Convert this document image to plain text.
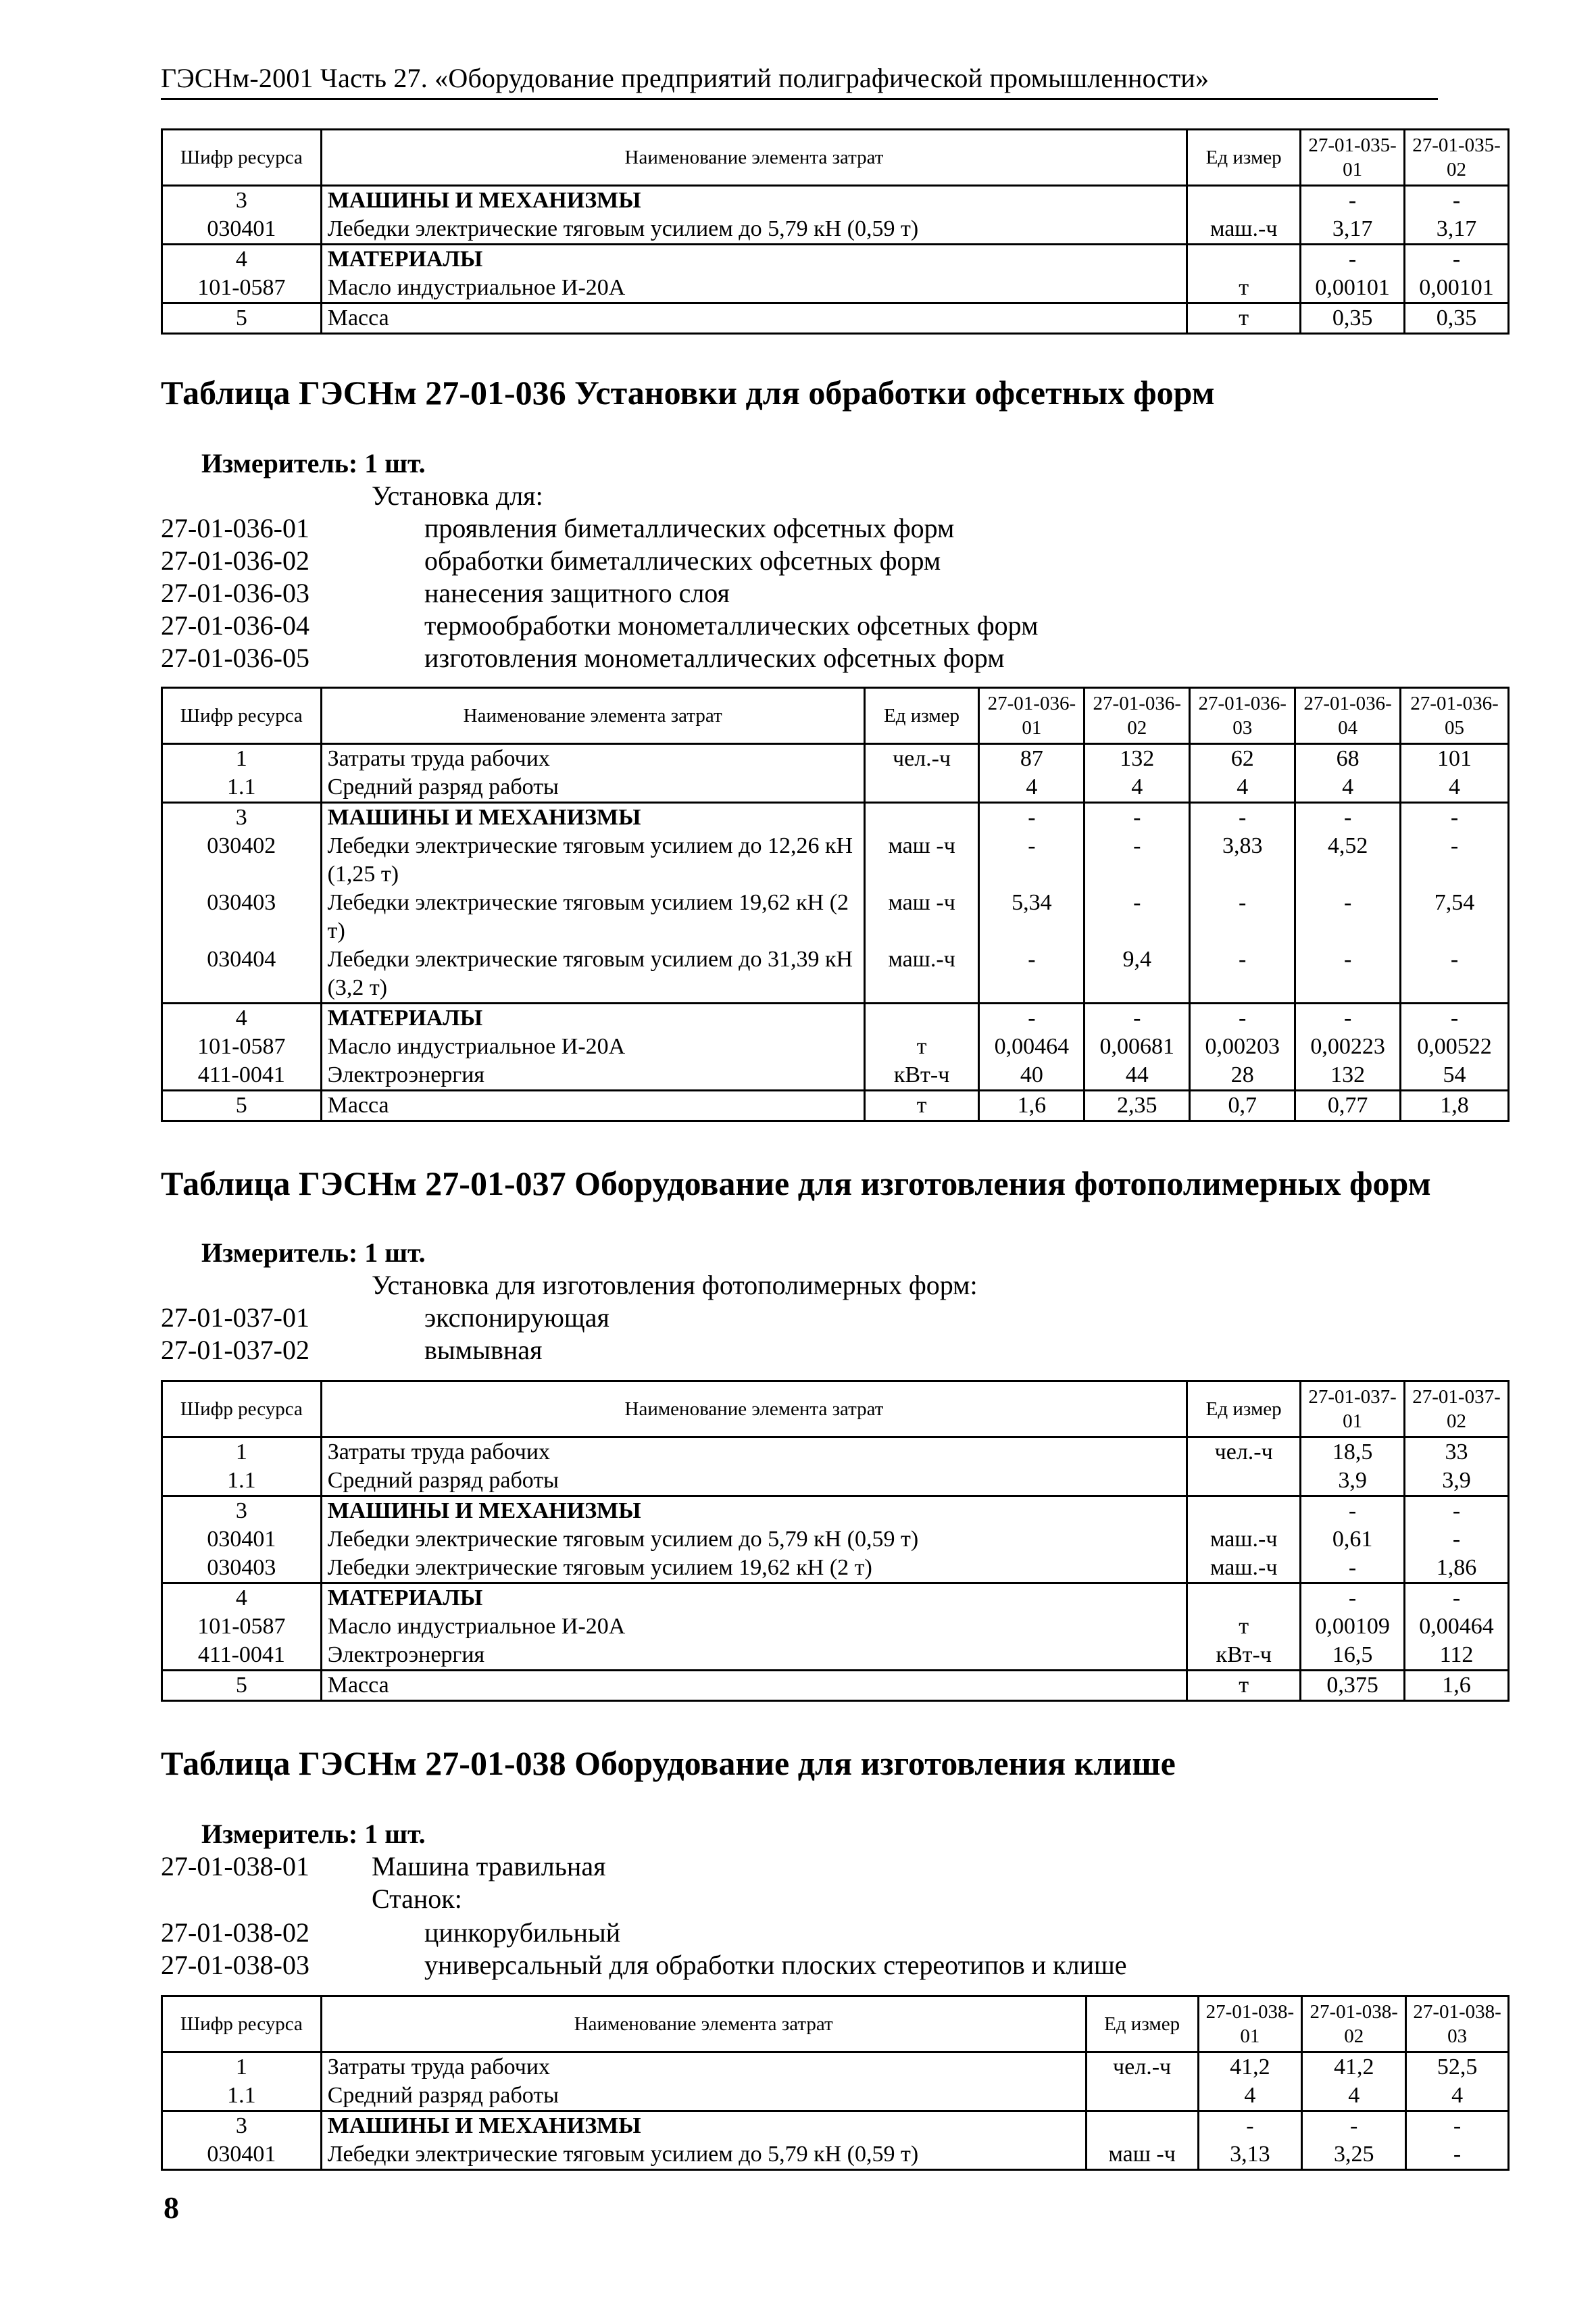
ГЭСНм-2001 Часть 27. «Оборудование предприятий полиграфической промышленности»
Шифр ресурса	Наименование элемента затрат	Ед измер	27-01-035-01	27-01-035-02
3	МАШИНЫ И МЕХАНИЗМЫ		-	-
030401	Лебедки электрические тяговым усилием до 5,79 кН (0,59 т)	маш.-ч	3,17	3,17
4	МАТЕРИАЛЫ		-	-
101-0587	Масло индустриальное И-20А	т	0,00101	0,00101
5	Масса	т	0,35	0,35
Таблица ГЭСНм 27-01-036 Установки для обработки офсетных форм
Измеритель: 1 шт.
Установка для:
27-01-036-01	проявления биметаллических офсетных форм
27-01-036-02	обработки биметаллических офсетных форм
27-01-036-03	нанесения защитного слоя
27-01-036-04	термообработки монометаллических офсетных форм
27-01-036-05	изготовления монометаллических офсетных форм
Шифр ресурса	Наименование элемента затрат	Ед измер	27-01-036-01	27-01-036-02	27-01-036-03	27-01-036-04	27-01-036-05
1	Затраты труда рабочих	чел.-ч	87	132	62	68	101
1.1	Средний разряд работы		4	4	4	4	4
3	МАШИНЫ И МЕХАНИЗМЫ		-	-	-	-	-
030402	Лебедки электрические тяговым усилием до 12,26 кН (1,25 т)	маш -ч	-	-	3,83	4,52	-
030403	Лебедки электрические тяговым усилием 19,62 кН (2 т)	маш -ч	5,34	-	-	-	7,54
030404	Лебедки электрические тяговым усилием до 31,39 кН (3,2 т)	маш.-ч	-	9,4	-	-	-
4	МАТЕРИАЛЫ		-	-	-	-	-
101-0587	Масло индустриальное И-20А	т	0,00464	0,00681	0,00203	0,00223	0,00522
411-0041	Электроэнергия	кВт-ч	40	44	28	132	54
5	Масса	т	1,6	2,35	0,7	0,77	1,8
Таблица ГЭСНм 27-01-037 Оборудование для изготовления фотополимерных форм
Измеритель: 1 шт.
Установка для изготовления фотополимерных форм:
27-01-037-01	экспонирующая
27-01-037-02	вымывная
Шифр ресурса	Наименование элемента затрат	Ед измер	27-01-037-01	27-01-037-02
1	Затраты труда рабочих	чел.-ч	18,5	33
1.1	Средний разряд работы		3,9	3,9
3	МАШИНЫ И МЕХАНИЗМЫ		-	-
030401	Лебедки электрические тяговым усилием до 5,79 кН (0,59 т)	маш.-ч	0,61	-
030403	Лебедки электрические тяговым усилием 19,62 кН (2 т)	маш.-ч	-	1,86
4	МАТЕРИАЛЫ		-	-
101-0587	Масло индустриальное И-20А	т	0,00109	0,00464
411-0041	Электроэнергия	кВт-ч	16,5	112
5	Масса	т	0,375	1,6
Таблица ГЭСНм 27-01-038 Оборудование для изготовления клише
Измеритель: 1 шт.
27-01-038-01 Машина травильная
Станок:
27-01-038-02	цинкорубильный
27-01-038-03	универсальный для обработки плоских стереотипов и клише
Шифр ресурса	Наименование элемента затрат	Ед измер	27-01-038-01	27-01-038-02	27-01-038-03
1	Затраты труда рабочих	чел.-ч	41,2	41,2	52,5
1.1	Средний разряд работы		4	4	4
3	МАШИНЫ И МЕХАНИЗМЫ		-	-	-
030401	Лебедки электрические тяговым усилием до 5,79 кН (0,59 т)	маш -ч	3,13	3,25	-
8
